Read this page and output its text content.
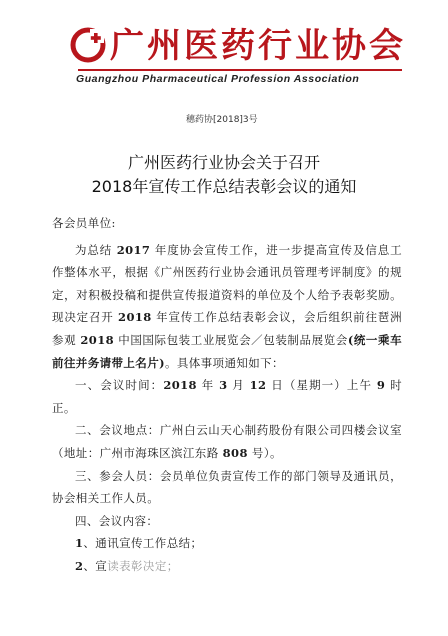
广州医药行业协会
Guangzhou Pharmaceutical Profession Association
穗药协[2018]3号
广州医药行业协会关于召开
2018年宣传工作总结表彰会议的通知

各会员单位:

为总结 2017 年度协会宣传工作，进一步提高宣传及信息工作整体水平，根据《广州医药行业协会通讯员管理考评制度》的规定，对积极投稿和提供宣传报道资料的单位及个人给予表彰奖励。现决定召开 2018 年宣传工作总结表彰会议，会后组织前往琶洲参观 2018 中国国际包装工业展览会／包装制品展览会(统一乘车前往并务请带上名片)。具体事项通知如下：

一、会议时间：2018 年 3 月 12 日（星期一）上午 9 时正。

二、会议地点：广州白云山天心制药股份有限公司四楼会议室（地址：广州市海珠区滨江东路 808 号）。

三、参会人员：会员单位负责宣传工作的部门领导及通讯员，协会相关工作人员。

四、会议内容：

1、通讯宣传工作总结；

2、宣读表彰决定；
